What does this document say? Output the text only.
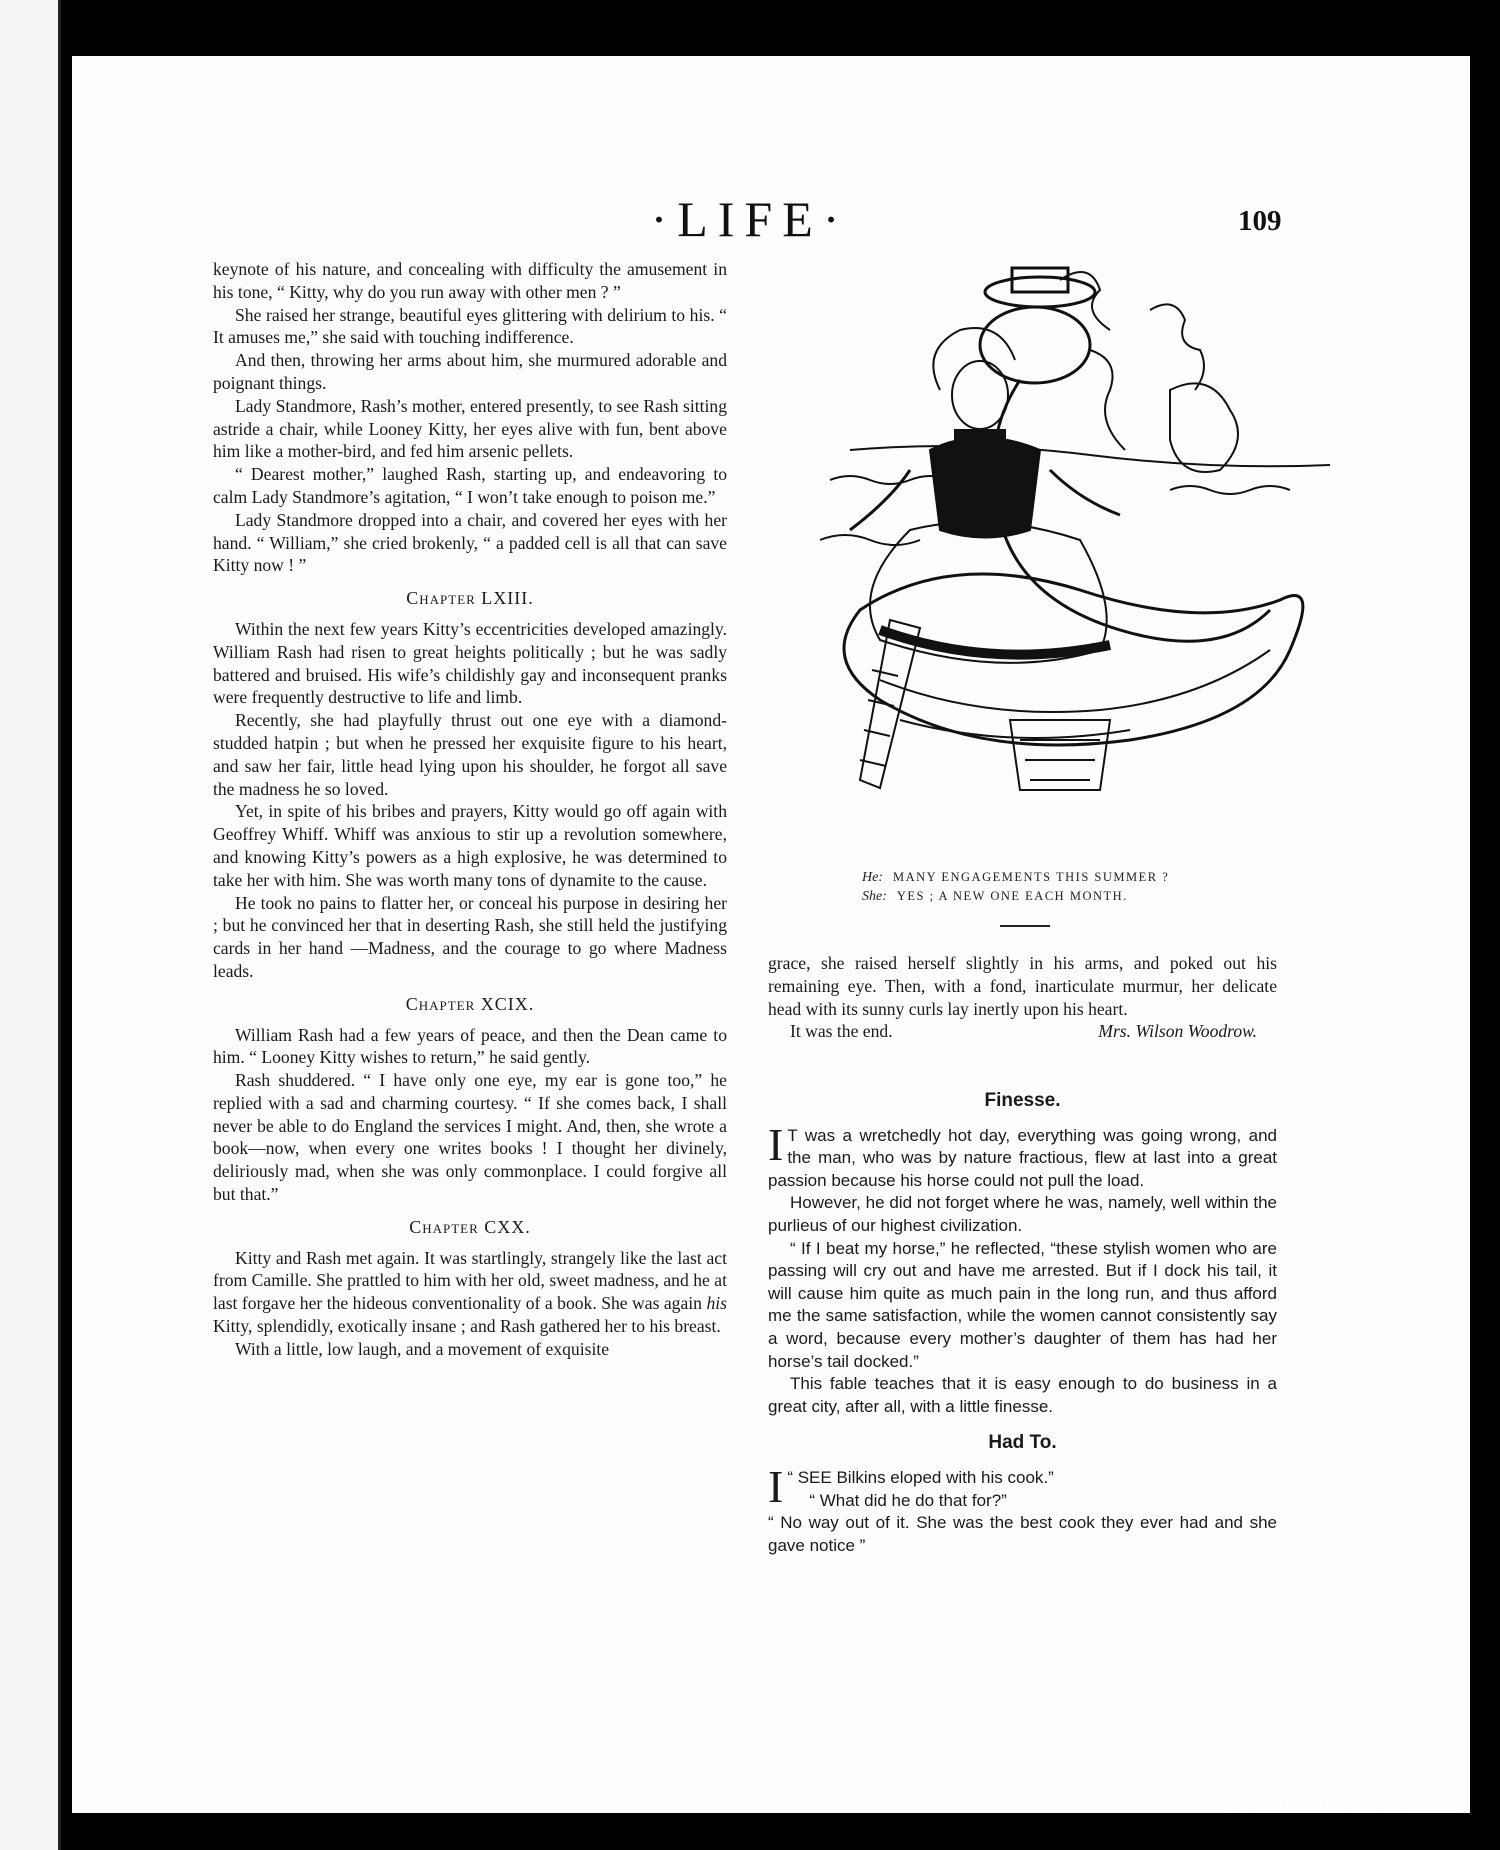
·LIFE·	109

keynote of his nature, and concealing with difficulty the amusement in his tone, “ Kitty, why do you run away with other men ? ”

She raised her strange, beautiful eyes glittering with delirium to his. “ It amuses me,” she said with touching indifference.

And then, throwing her arms about him, she murmured adorable and poignant things.

Lady Standmore, Rash’s mother, entered presently, to see Rash sitting astride a chair, while Looney Kitty, her eyes alive with fun, bent above him like a mother-bird, and fed him arsenic pellets.

“ Dearest mother,” laughed Rash, starting up, and endeavoring to calm Lady Standmore’s agitation, “ I won’t take enough to poison me.”

Lady Standmore dropped into a chair, and covered her eyes with her hand. “ William,” she cried brokenly, “ a padded cell is all that can save Kitty now ! ”

Chapter LXIII.

Within the next few years Kitty’s eccentricities developed amazingly. William Rash had risen to great heights politically ; but he was sadly battered and bruised. His wife’s childishly gay and inconsequent pranks were frequently destructive to life and limb.

Recently, she had playfully thrust out one eye with a diamond-studded hatpin ; but when he pressed her exquisite figure to his heart, and saw her fair, little head lying upon his shoulder, he forgot all save the madness he so loved.

Yet, in spite of his bribes and prayers, Kitty would go off again with Geoffrey Whiff. Whiff was anxious to stir up a revolution somewhere, and knowing Kitty’s powers as a high explosive, he was determined to take her with him. She was worth many tons of dynamite to the cause.

He took no pains to flatter her, or conceal his purpose in desiring her ; but he convinced her that in deserting Rash, she still held the justifying cards in her hand —Madness, and the courage to go where Madness leads.

Chapter XCIX.

William Rash had a few years of peace, and then the Dean came to him. “ Looney Kitty wishes to return,” he said gently.

Rash shuddered. “ I have only one eye, my ear is gone too,” he replied with a sad and charming courtesy. “ If she comes back, I shall never be able to do England the services I might. And, then, she wrote a book—now, when every one writes books ! I thought her divinely, deliriously mad, when she was only commonplace. I could forgive all but that.”

Chapter CXX.

Kitty and Rash met again. It was startlingly, strangely like the last act from Camille. She prattled to him with her old, sweet madness, and he at last forgave her the hideous conventionality of a book. She was again his Kitty, splendidly, exotically insane ; and Rash gathered her to his breast.

With a little, low laugh, and a movement of exquisite

He: MANY ENGAGEMENTS THIS SUMMER ?
She: YES ; A NEW ONE EACH MONTH.

grace, she raised herself slightly in his arms, and poked out his remaining eye. Then, with a fond, inarticulate murmur, her delicate head with its sunny curls lay inertly upon his heart.

It was the end.	Mrs. Wilson Woodrow.
Finesse.

I T was a wretchedly hot day, everything was going wrong, and the man, who was by nature fractious, flew at last into a great passion because his horse could not pull the load.

However, he did not forget where he was, namely, well within the purlieus of our highest civilization.

“ If I beat my horse,” he reflected, “these stylish women who are passing will cry out and have me arrested. But if I dock his tail, it will cause him quite as much pain in the long run, and thus afford me the same satisfaction, while the women cannot consistently say a word, because every mother’s daughter of them has had her horse’s tail docked.”

This fable teaches that it is easy enough to do business in a great city, after all, with a little finesse.

Had To.

“
I SEE Bilkins eloped with his cook.”

“ What did he do that for?”

“ No way out of it. She was the best cook they ever had and she gave notice ”

comicbooks.com
